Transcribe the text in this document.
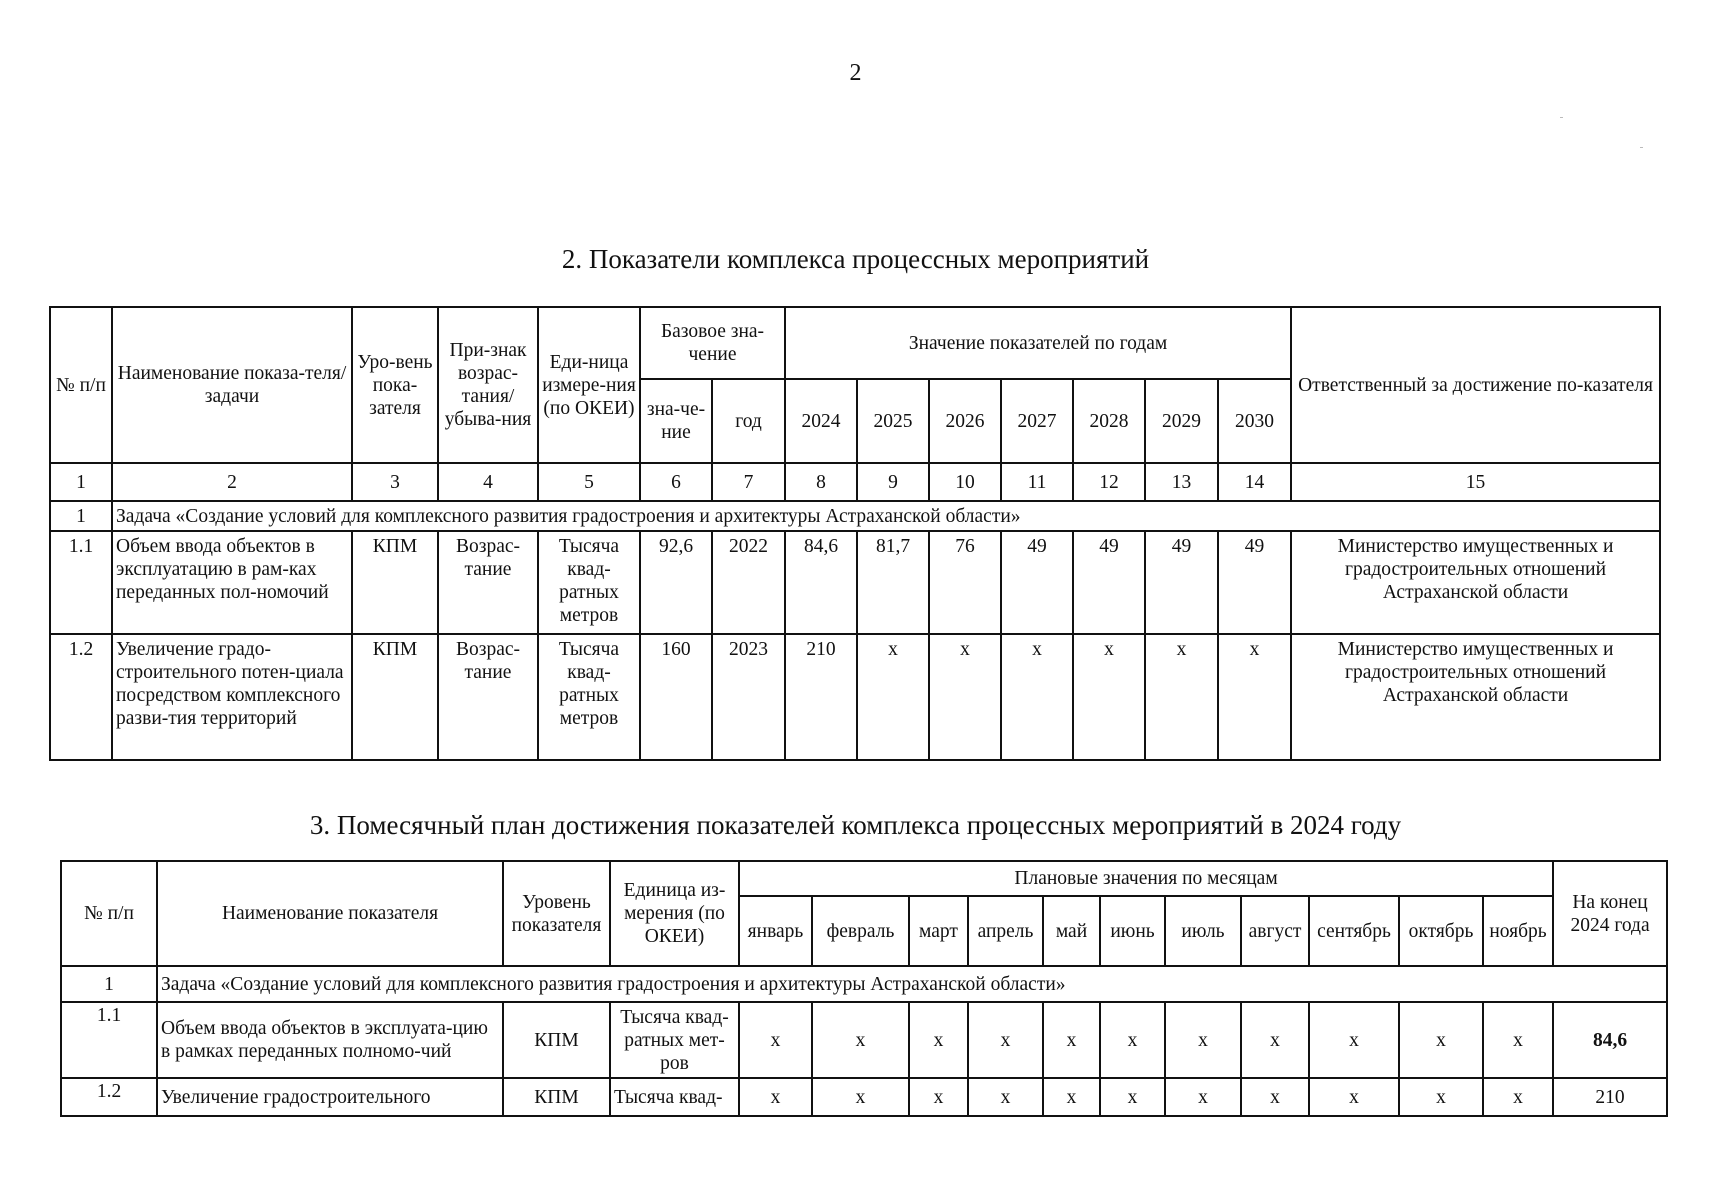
2
2. Показатели комплекса процессных мероприятий
№ п/п	Наименование показа-теля/задачи	Уро-вень пока-зателя	При-знак возрас-тания/ убыва-ния	Еди-ница измере-ния (по ОКЕИ)	Базовое зна-чение		Значение показателей по годам							Ответственный за достижение по-казателя
					зна-че-ние	год	2024	2025	2026	2027	2028	2029	2030	
1	2	3	4	5	6	7	8	9	10	11	12	13	14	15
1	Задача «Создание условий для комплексного развития градостроения и архитектуры Астраханской области»													
1.1	Объем ввода объектов в эксплуатацию в рам-ках переданных пол-номочий	КПМ	Возрас-тание	Тысяча квад-ратных метров	92,6	2022	84,6	81,7	76	49	49	49	49	Министерство имущественных и градостроительных отношений Астраханской области
1.2	Увеличение градо-строительного потен-циала посредством комплексного разви-тия территорий	КПМ	Возрас-тание	Тысяча квад-ратных метров	160	2023	210	x	x	x	x	x	x	Министерство имущественных и градостроительных отношений Астраханской области
3. Помесячный план достижения показателей комплекса процессных мероприятий в 2024 году
№ п/п	Наименование показателя	Уровень показателя	Единица из-мерения (по ОКЕИ)	Плановые значения по месяцам											На конец 2024 года
				январь	февраль	март	апрель	май	июнь	июль	август	сентябрь	октябрь	ноябрь	
1	Задача «Создание условий для комплексного развития градостроения и архитектуры Астраханской области»														
1.1	Объем ввода объектов в эксплуата-цию в рамках переданных полномо-чий	КПМ	Тысяча квад-ратных мет-ров	x	x	x	x	x	x	x	x	x	x	x	84,6
1.2	Увеличение градостроительного	КПМ	Тысяча квад-	x	x	x	x	x	x	x	x	x	x	x	210
